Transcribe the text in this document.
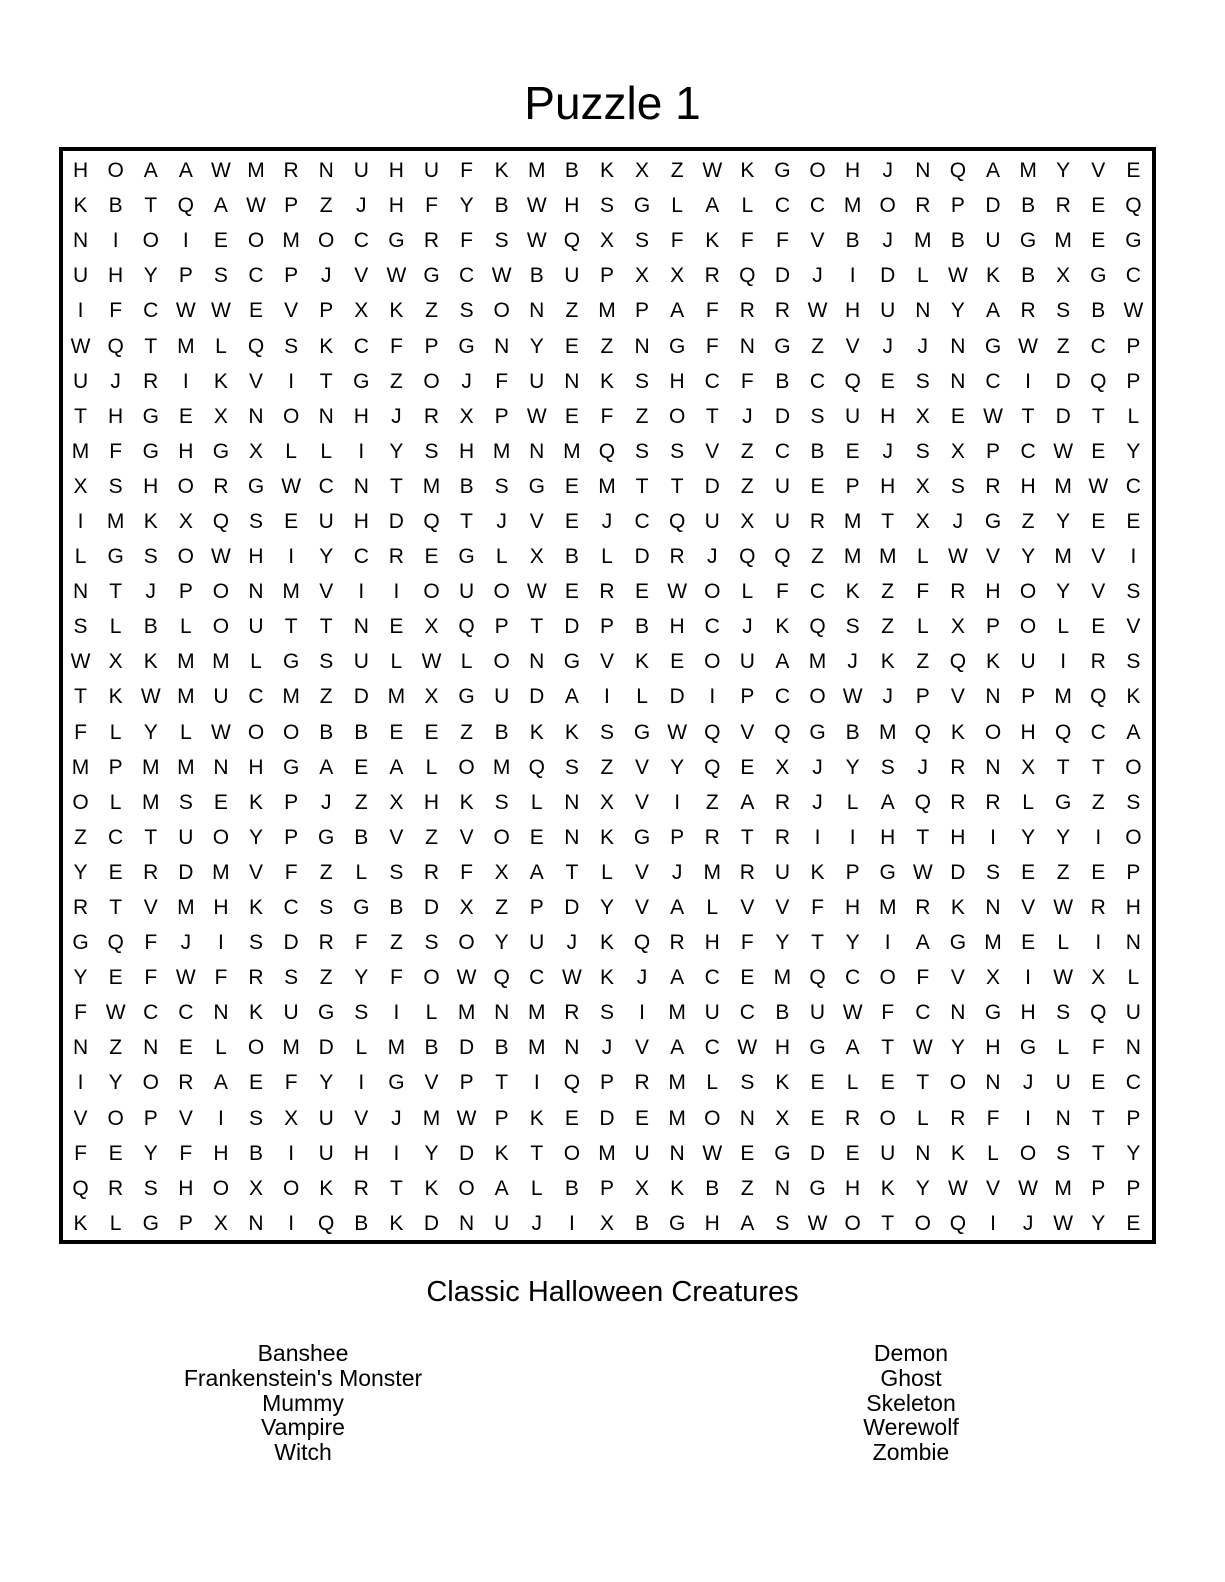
Puzzle 1
H O A	A W M R N U H U	F	K M B	K	X	Z W K G O H	J	N Q A M Y	V	E
K	B	T Q A W P	Z	J	H	F	Y	B W H S G	L	A	L	C C M O R P D B R E Q
N	I	O	I	E O M O C G R	F	S W Q X	S	F	K	F	F	V	B	J	M B U G M E G
U H Y	P	S C P	J	V W G C W B U P	X	X R Q D	J	I	D	L W K	B	X G C
I	F	C W W E	V	P	X	K	Z	S O N	Z M P	A	F	R R W H U N Y	A R S	B W
W Q T M L	Q S	K C	F	P G N Y	E	Z	N G F	N G Z	V	J	J	N G W Z	C P
U	J	R	I	K	V	I	T G Z O	J	F	U N K	S H C	F	B C Q E	S N C	I	D Q P
T	H G E	X N O N H	J	R X	P W E	F	Z O T	J	D S U H X	E W T	D	T	L
M F G H G X	L	L	I	Y	S H M N M Q S	S	V	Z	C B	E	J	S	X	P C W E	Y
X	S H O R G W C N	T M B	S G E M T	T	D	Z	U E	P H X	S R H M W C
I	M K	X Q S	E U H D Q T	J	V	E	J	C Q U X U R M T	X	J	G Z	Y	E	E
L	G S O W H	I	Y C R E G	L	X	B	L	D R	J	Q Q Z M M L W V	Y M V	I
N	T	J	P O N M V	I	I	O U O W E R E W O	L	F	C K	Z	F	R H O Y	V	S
S	L	B	L	O U	T	T	N E	X Q P	T	D P	B H C	J	K Q S	Z	L	X	P O	L	E	V
W X	K M M L	G S U	L W L	O N G V	K	E O U A M	J	K	Z Q K U	I	R S
T	K W M U C M Z	D M X G U D A	I	L	D	I	P C O W J	P	V N P M Q K
F	L	Y	L W O O B	B	E	E	Z	B	K	K	S G W Q V Q G B M Q K O H Q C A
M P M M N H G A	E	A	L	O M Q S	Z	V	Y Q E	X	J	Y	S	J	R N X	T	T O
O	L M S	E	K	P	J	Z	X H K	S	L	N X	V	I	Z	A R	J	L	A Q R R	L	G Z	S
Z	C	T	U O Y	P G B	V	Z	V O E N K G P R	T	R	I	I	H	T	H	I	Y	Y	I	O
Y	E R D M V	F	Z	L	S R	F	X	A	T	L	V	J	M R U K	P G W D S	E	Z	E	P
R	T	V M H K C S G B D X	Z	P D Y	V	A	L	V	V	F	H M R K N V W R H
G Q F	J	I	S D R	F	Z	S O Y U	J	K Q R H	F	Y	T	Y	I	A G M E	L	I	N
Y	E	F W F	R S	Z	Y	F O W Q C W K	J	A C E M Q C O F	V	X	I	W X	L
F W C C N K U G S	I	L M N M R S	I	M U C B U W F	C N G H S Q U
N	Z	N E	L	O M D	L M B D B M N	J	V	A C W H G A	T W Y H G	L	F	N
I	Y O R A	E	F	Y	I	G V	P	T	I	Q P R M L	S	K	E	L	E	T O N	J	U E C
V O P	V	I	S	X U V	J	M W P	K	E D E M O N X	E R O	L	R	F	I	N	T	P
F	E	Y	F	H B	I	U H	I	Y D K	T O M U N W E G D E U N K	L	O S	T	Y
Q R S H O X O K R	T	K O A	L	B	P	X	K	B	Z	N G H K	Y W V W M P	P
K	L	G P	X N	I	Q B	K D N U	J	I	X	B G H A	S W O T O Q	I	J W Y	E
Classic Halloween Creatures
Banshee
Frankenstein's Monster
Mummy
Vampire
Witch
Demon
Ghost
Skeleton
Werewolf
Zombie
